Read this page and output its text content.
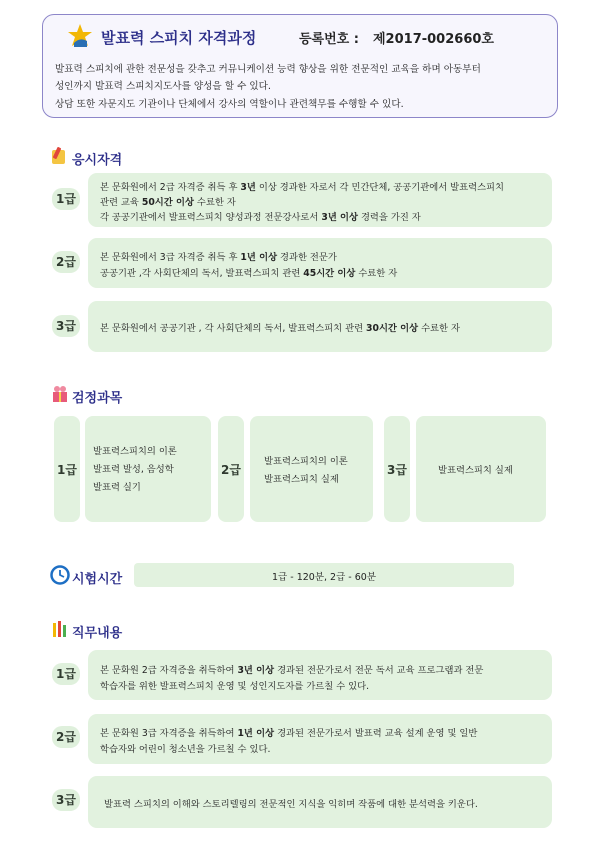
발표력 스피치 자격과정	등록번호 : 제2017-002660호
발표력 스피치에 관한 전문성을 갖추고 커뮤니케이션 능력 향상을 위한 전문적인 교육을 하며 아동부터
성인까지 발표력 스피치지도사를 양성을 할 수 있다.
상담 또한 자문지도 기관이나 단체에서 강사의 역할이나 관련책무를 수행할 수 있다.
응시자격
1급
본 문화원에서 2급 자격증 취득 후 3년 이상 경과한 자로서 각 민간단체, 공공기관에서 발표력스피치
관련 교육 50시간 이상 수료한 자
각 공공기관에서 발표력스피치 양성과정 전문강사로서 3년 이상 경력을 가진 자
2급	본 문화원에서 3급 자격증 취득 후 1년 이상 경과한 전문가
공공기관 ,각 사회단체의 독서, 발표력스피치 관련 45시간 이상 수료한 자
3급	본 문화원에서 공공기관 , 각 사회단체의 독서, 발표력스피치 관련 30시간 이상 수료한 자
검정과목
1급
발표력스피치의 이론
발표력 발성, 음성학
발표력 실기
2급
발표력스피치의 이론
발표력스피치 실제
3급	발표력스피치 실제
시험시간	1급 - 120분, 2급 - 60분
직무내용
1급	본 문화원 2급 자격증을 취득하여 3년 이상 경과된 전문가로서 전문 독서 교육 프로그램과 전문
학습자를 위한 발표력스피치 운영 및 성인지도자를 가르칠 수 있다.
2급	본 문화원 3급 자격증을 취득하여 1년 이상 경과된 전문가로서 발표력 교육 설계 운영 및 일반
학습자와 어린이 청소년을 가르칠 수 있다.
3급	발표력 스피치의 이해와 스토리텔링의 전문적인 지식을 익히며 작품에 대한 분석력을 키운다.
